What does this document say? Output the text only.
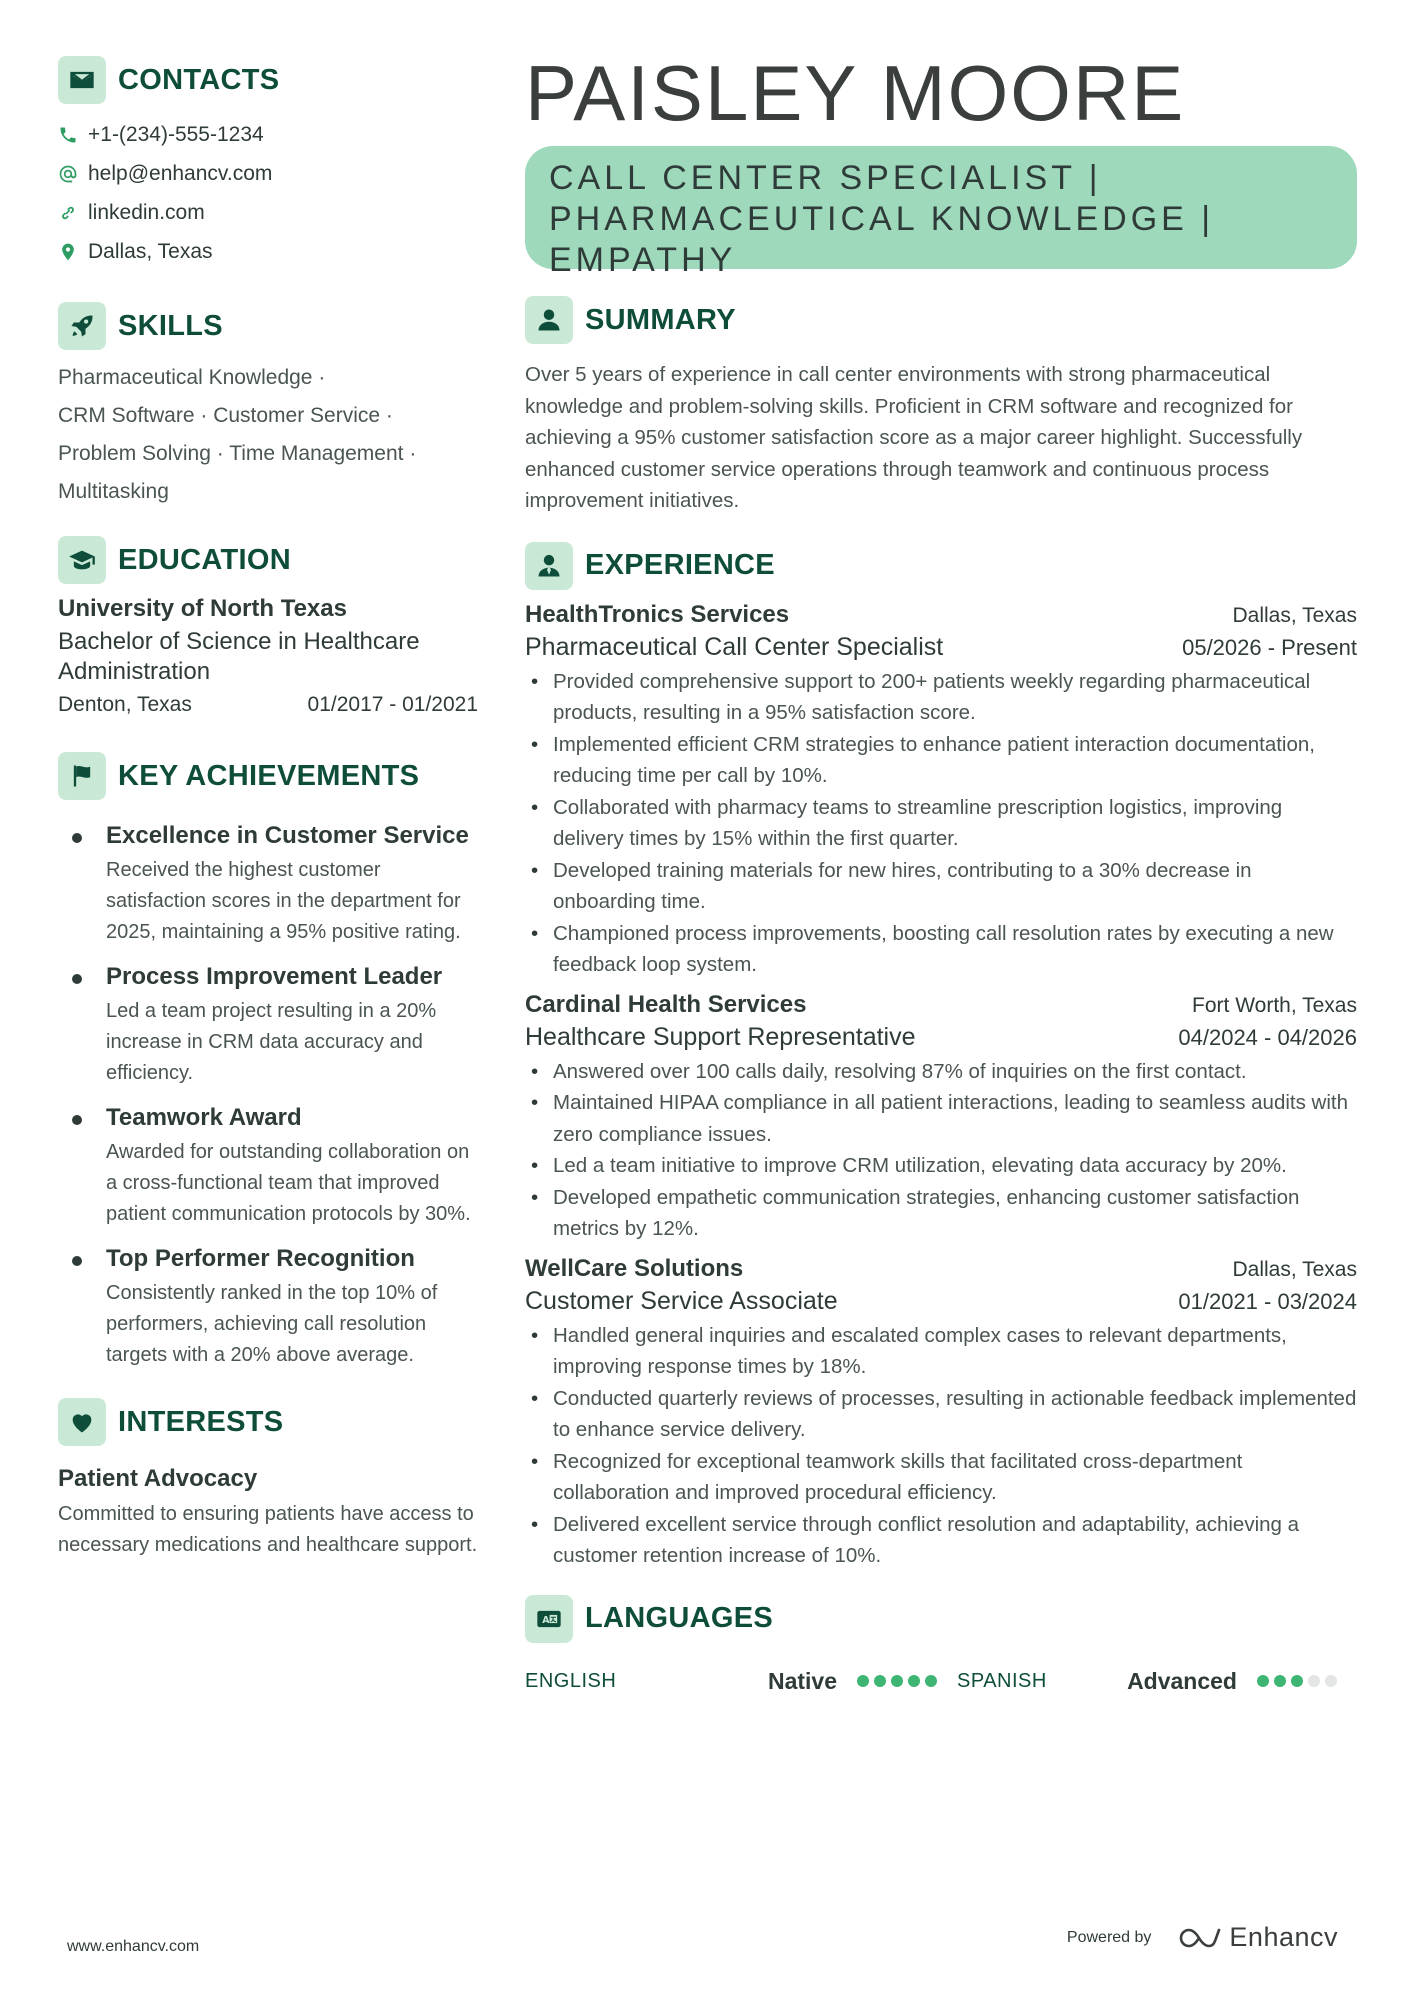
CONTACTS
+1-(234)-555-1234
help@enhancv.com
linkedin.com
Dallas, Texas
SKILLS
Pharmaceutical Knowledge ·
CRM Software · Customer Service ·
Problem Solving · Time Management ·
Multitasking
EDUCATION
University of North Texas
Bachelor of Science in Healthcare Administration
Denton, Texas	01/2017 - 01/2021
KEY ACHIEVEMENTS
Excellence in Customer Service
Received the highest customer satisfaction scores in the department for 2025, maintaining a 95% positive rating.
Process Improvement Leader
Led a team project resulting in a 20% increase in CRM data accuracy and efficiency.
Teamwork Award
Awarded for outstanding collaboration on a cross-functional team that improved patient communication protocols by 30%.
Top Performer Recognition
Consistently ranked in the top 10% of performers, achieving call resolution targets with a 20% above average.
INTERESTS
Patient Advocacy
Committed to ensuring patients have access to necessary medications and healthcare support.
PAISLEY MOORE
CALL CENTER SPECIALIST |
PHARMACEUTICAL KNOWLEDGE |
EMPATHY
SUMMARY
Over 5 years of experience in call center environments with strong pharmaceutical knowledge and problem-solving skills. Proficient in CRM software and recognized for achieving a 95% customer satisfaction score as a major career highlight. Successfully enhanced customer service operations through teamwork and continuous process improvement initiatives.
EXPERIENCE
HealthTronics Services	Dallas, Texas
Pharmaceutical Call Center Specialist	05/2026 - Present
• Provided comprehensive support to 200+ patients weekly regarding pharmaceutical products, resulting in a 95% satisfaction score.
• Implemented efficient CRM strategies to enhance patient interaction documentation, reducing time per call by 10%.
• Collaborated with pharmacy teams to streamline prescription logistics, improving delivery times by 15% within the first quarter.
• Developed training materials for new hires, contributing to a 30% decrease in onboarding time.
• Championed process improvements, boosting call resolution rates by executing a new feedback loop system.
Cardinal Health Services	Fort Worth, Texas
Healthcare Support Representative	04/2024 - 04/2026
• Answered over 100 calls daily, resolving 87% of inquiries on the first contact.
• Maintained HIPAA compliance in all patient interactions, leading to seamless audits with zero compliance issues.
• Led a team initiative to improve CRM utilization, elevating data accuracy by 20%.
• Developed empathetic communication strategies, enhancing customer satisfaction metrics by 12%.
WellCare Solutions	Dallas, Texas
Customer Service Associate	01/2021 - 03/2024
• Handled general inquiries and escalated complex cases to relevant departments, improving response times by 18%.
• Conducted quarterly reviews of processes, resulting in actionable feedback implemented to enhance service delivery.
• Recognized for exceptional teamwork skills that facilitated cross-department collaboration and improved procedural efficiency.
• Delivered excellent service through conflict resolution and adaptability, achieving a customer retention increase of 10%.
A LANGUAGES
ENGLISH	Native	SPANISH	Advanced
www.enhancv.com
Powered by	Enhancv
